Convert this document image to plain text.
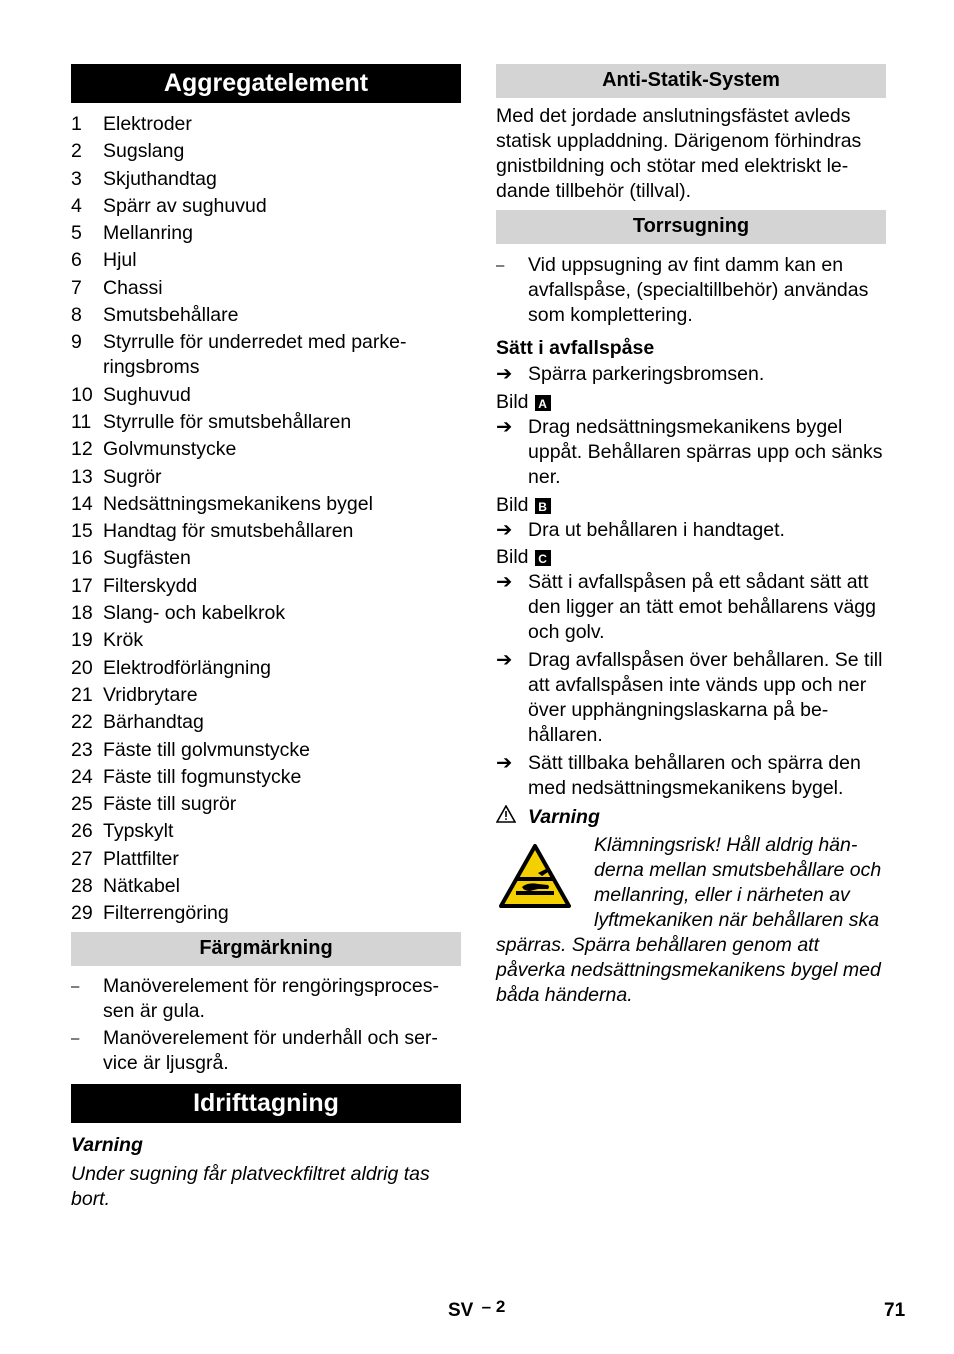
Aggregatelement
1	Elektroder
2	Sugslang
3	Skjuthandtag
4	Spärr av sughuvud
5	Mellanring
6	Hjul
7	Chassi
8	Smutsbehållare
9	Styrrulle för underredet med parke-ringsbroms
10 Sughuvud
11 Styrrulle för smutsbehållaren
12 Golvmunstycke
13 Sugrör
14 Nedsättningsmekanikens bygel
15 Handtag för smutsbehållaren
16 Sugfästen
17 Filterskydd
18 Slang- och kabelkrok
19 Krök
20 Elektrodförlängning
21 Vridbrytare
22 Bärhandtag
23 Fäste till golvmunstycke
24 Fäste till fogmunstycke
25 Fäste till sugrör
26 Typskylt
27 Plattfilter
28 Nätkabel
29 Filterrengöring
Färgmärkning
–	Manöverelement för rengöringsproces-sen är gula.
–	Manöverelement för underhåll och ser-vice är ljusgrå.
Idrifttagning
Varning
Under sugning får platveckfiltret aldrig tas bort.
Anti-Statik-System

Med det jordade anslutningsfästet avleds statisk uppladdning. Därigenom förhindras gnistbildning och stötar med elektriskt le-dande tillbehör (tillval).

Torrsugning
–	Vid uppsugning av fint damm kan en avfallspåse, (specialtillbehör) användas som komplettering.
Sätt i avfallspåse
➔ Spärra parkeringsbromsen.
Bild A
➔ Drag nedsättningsmekanikens bygel uppåt. Behållaren spärras upp och sänks ner.
Bild B
➔ Dra ut behållaren i handtaget.
Bild C
➔ Sätt i avfallspåsen på ett sådant sätt att den ligger an tätt emot behållarens vägg och golv.
➔ Drag avfallspåsen över behållaren. Se till att avfallspåsen inte vänds upp och ner över upphängningslaskarna på be-hållaren.
➔ Sätt tillbaka behållaren och spärra den med nedsättningsmekanikens bygel.
Varning

Klämningsrisk! Håll aldrig hän-derna mellan smutsbehållare och mellanring, eller i närheten av lyftmekaniken när behållaren ska spärras. Spärra behållaren genom att påverka nedsättningsmekanikens bygel med båda händerna.

SV – 2	71
